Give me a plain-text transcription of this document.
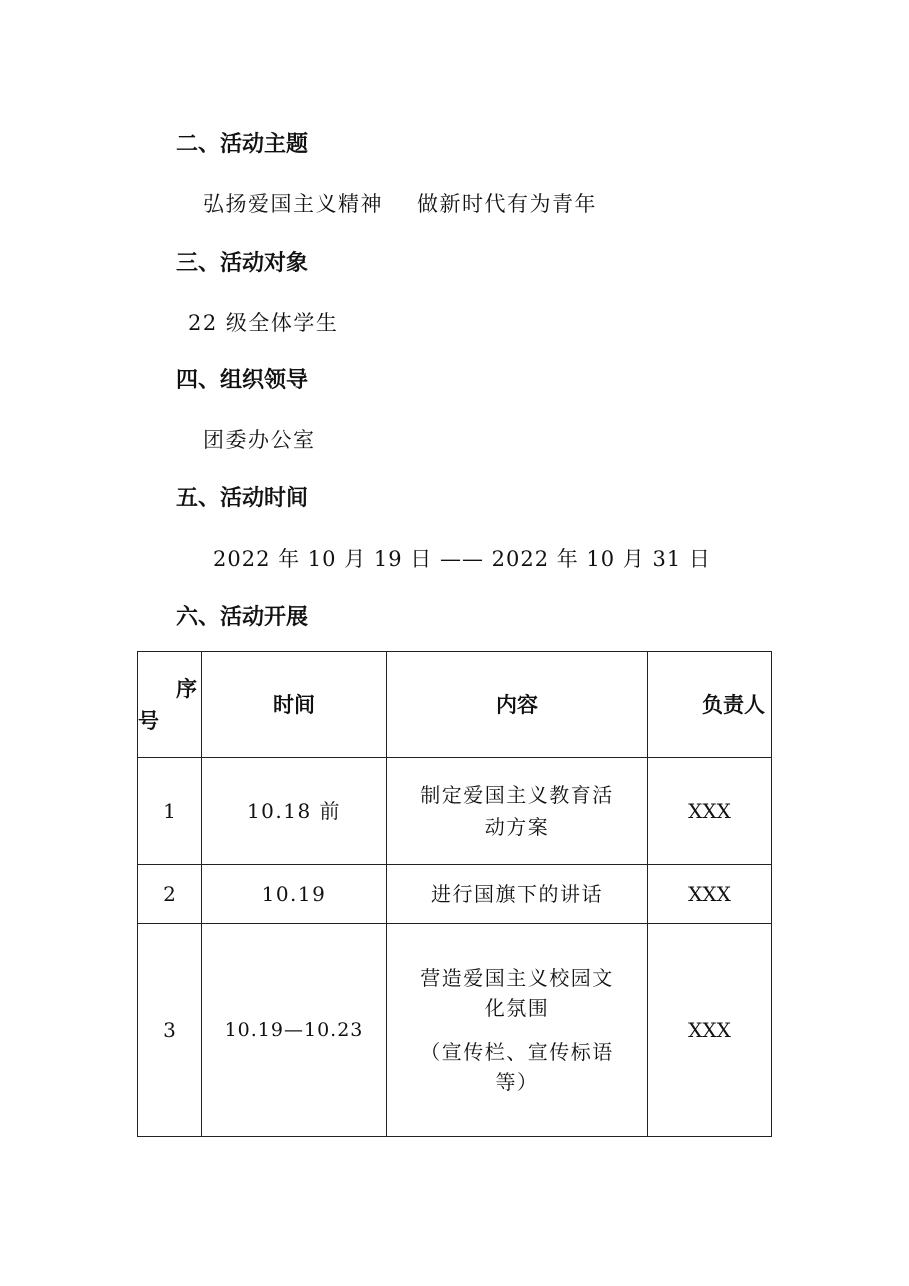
二、活动主题
弘扬爱国主义精神 做新时代有为青年
三、活动对象
22 级全体学生
四、组织领导
团委办公室
五、活动时间
2022 年 10 月 19 日 —— 2022 年 10 月 31 日
六、活动开展
序
号	时间	内容	负责人
1	10.18 前	制定爱国主义教育活
动方案	XXX
2	10.19	进行国旗下的讲话	XXX
3	10.19—10.23	营造爱国主义校园文
化氛围
（宣传栏、宣传标语
等）	XXX
